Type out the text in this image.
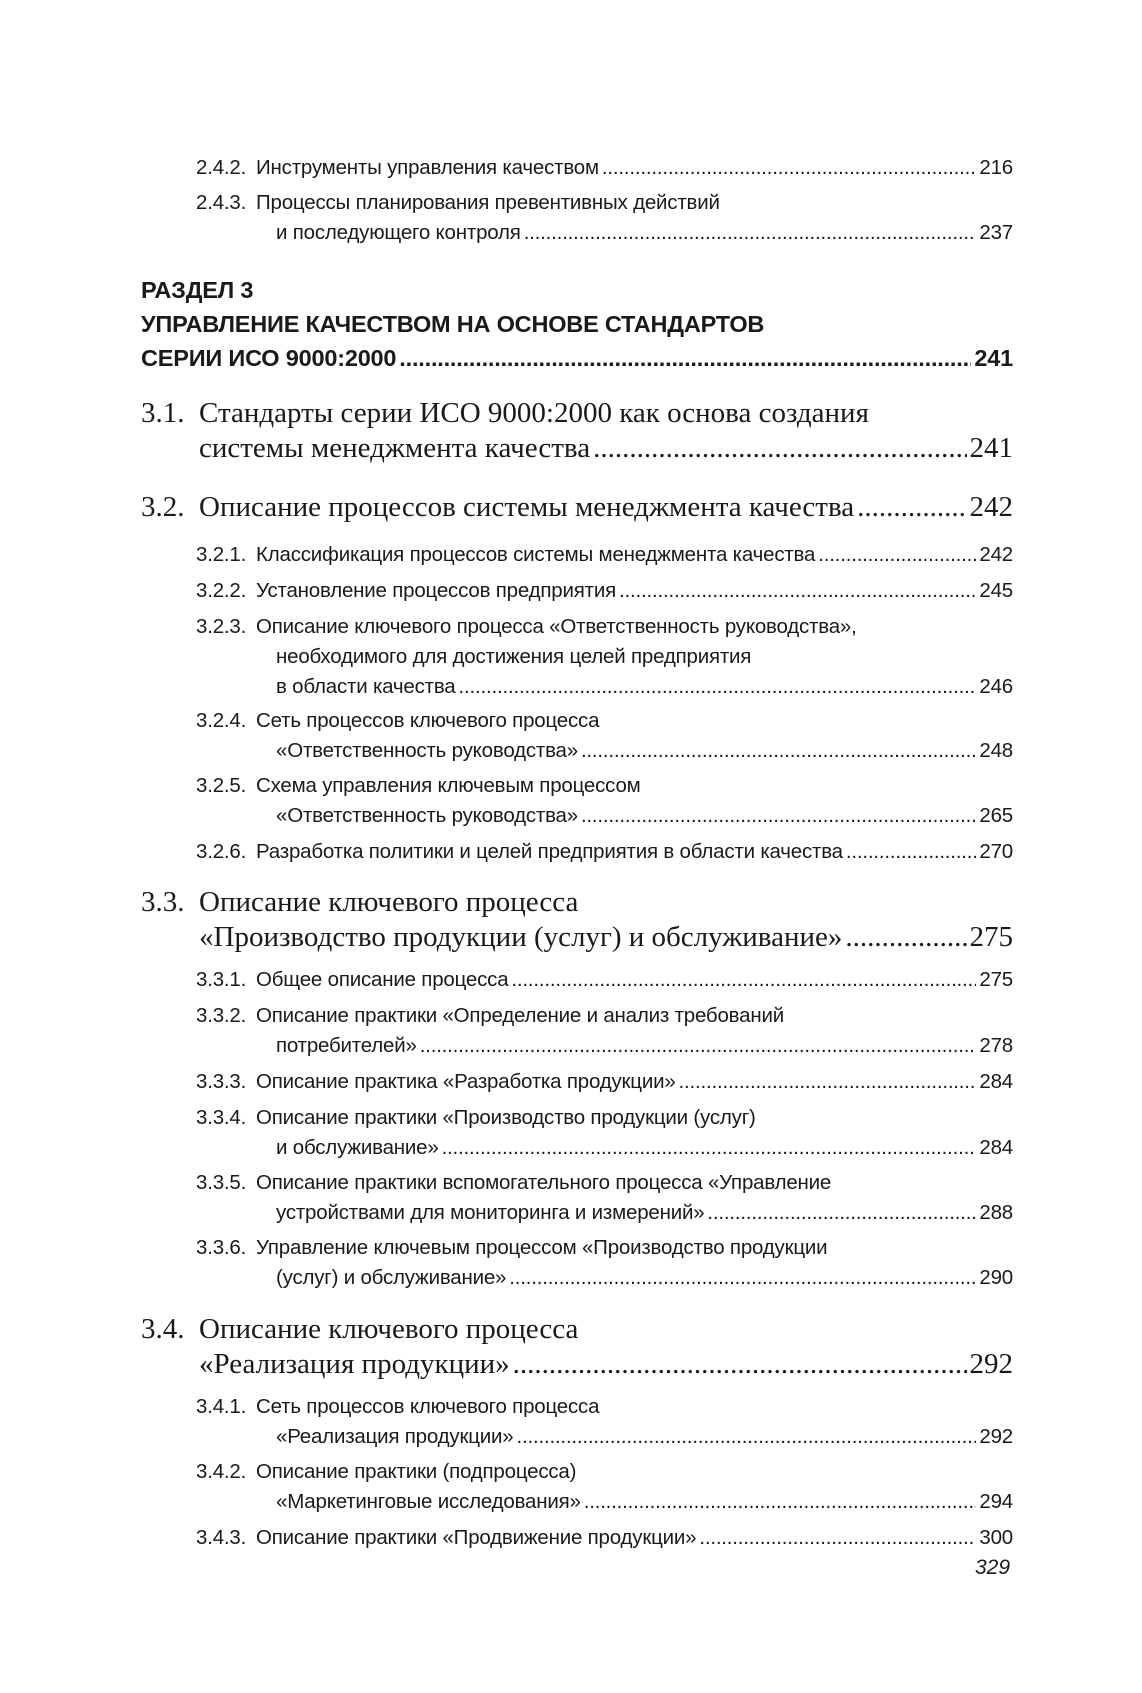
2.4.2. Инструменты управления качеством .....	216
2.4.3. Процессы планирования превентивных действий
и последующего контроля .....	237
РАЗДЕЛ 3
УПРАВЛЕНИЕ КАЧЕСТВОМ НА ОСНОВЕ СТАНДАРТОВ
СЕРИИ ИСО 9000:2000 .....	241
3.1. Стандарты серии ИСО 9000:2000 как основа создания
системы менеджмента качества .....	241
3.2. Описание процессов системы менеджмента качества .....	242
3.2.1. Классификация процессов системы менеджмента качества .....	242
3.2.2. Установление процессов предприятия .....	245
3.2.3. Описание ключевого процесса «Ответственность руководства»,
необходимого для достижения целей предприятия
в области качества .....	246
3.2.4. Сеть процессов ключевого процесса
«Ответственность руководства» .....	248
3.2.5. Схема управления ключевым процессом
«Ответственность руководства» .....	265
3.2.6. Разработка политики и целей предприятия в области качества .....	270
3.3. Описание ключевого процесса
«Производство продукции (услуг) и обслуживание» .....	275
3.3.1. Общее описание процесса .....	275
3.3.2. Описание практики «Определение и анализ требований
потребителей» .....	278
3.3.3. Описание практика «Разработка продукции» .....	284
3.3.4. Описание практики «Производство продукции (услуг)
и обслуживание» .....	284
3.3.5. Описание практики вспомогательного процесса «Управление
устройствами для мониторинга и измерений» .....	288
3.3.6. Управление ключевым процессом «Производство продукции
(услуг) и обслуживание» .....	290
3.4. Описание ключевого процесса
«Реализация продукции» .....	292
3.4.1. Сеть процессов ключевого процесса
«Реализация продукции» .....	292
3.4.2. Описание практики (подпроцесса)
«Маркетинговые исследования» .....	294
3.4.3. Описание практики «Продвижение продукции» .....	300
329
